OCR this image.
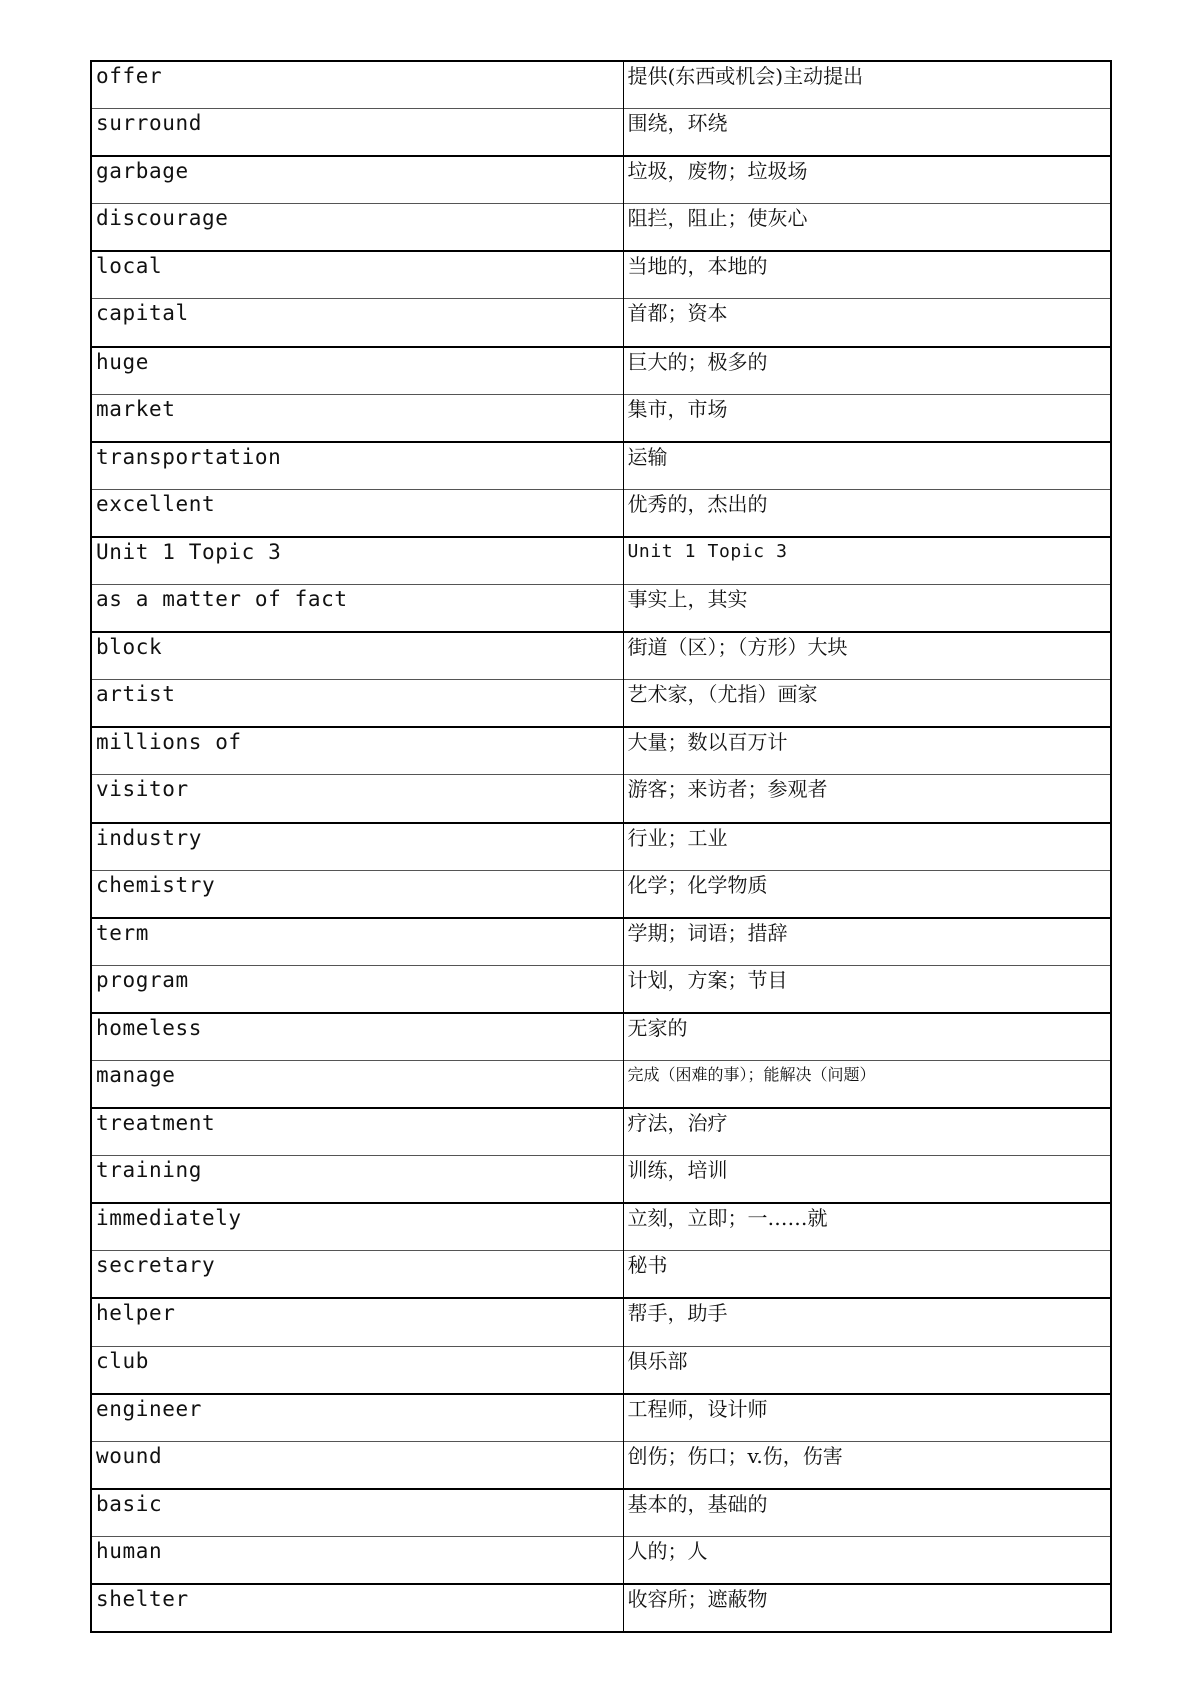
offer	提供(东西或机会)主动提出
surround	围绕，环绕
garbage	垃圾，废物；垃圾场
discourage	阻拦，阻止；使灰心
local	当地的，本地的
capital	首都；资本
huge	巨大的；极多的
market	集市，市场
transportation	运输
excellent	优秀的，杰出的
Unit 1 Topic 3	Unit 1 Topic 3
as a matter of fact	事实上，其实
block	街道（区）；（方形）大块
artist	艺术家，（尤指）画家
millions of	大量；数以百万计
visitor	游客；来访者；参观者
industry	行业；工业
chemistry	化学；化学物质
term	学期；词语；措辞
program	计划，方案；节目
homeless	无家的
manage	完成（困难的事）；能解决（问题）
treatment	疗法，治疗
training	训练，培训
immediately	立刻，立即；一……就
secretary	秘书
helper	帮手，助手
club	俱乐部
engineer	工程师，设计师
wound	创伤；伤口；v.伤，伤害
basic	基本的，基础的
human	人的；人
shelter	收容所；遮蔽物
